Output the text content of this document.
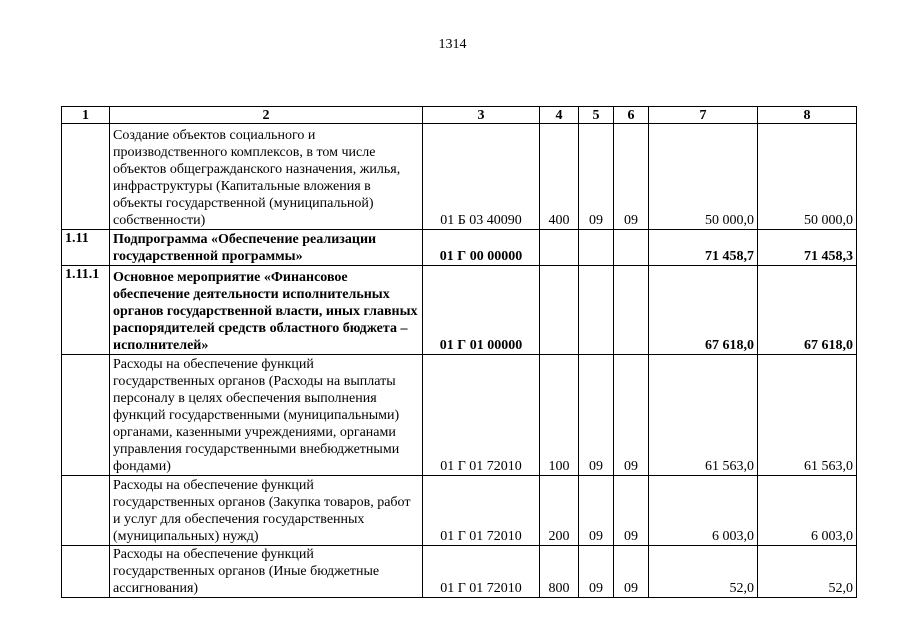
1314
1	2	3	4	5	6	7	8
	Создание объектов социального и производственного комплексов, в том числе объектов общегражданского назначения, жилья, инфраструктуры (Капитальные вложения в объекты государственной (муниципальной) собственности)	01 Б 03 40090	400	09	09	50 000,0	50 000,0
1.11	Подпрограмма «Обеспечение реализации государственной программы»	01 Г 00 00000				71 458,7	71 458,3
1.11.1	Основное мероприятие «Финансовое обеспечение деятельности исполнительных органов государственной власти, иных главных распорядителей средств областного бюджета – исполнителей»	01 Г 01 00000				67 618,0	67 618,0
	Расходы на обеспечение функций государственных органов (Расходы на выплаты персоналу в целях обеспечения выполнения функций государственными (муниципальными) органами, казенными учреждениями, органами управления государственными внебюджетными фондами)	01 Г 01 72010	100	09	09	61 563,0	61 563,0
	Расходы на обеспечение функций государственных органов (Закупка товаров, работ и услуг для обеспечения государственных (муниципальных) нужд)	01 Г 01 72010	200	09	09	6 003,0	6 003,0
	Расходы на обеспечение функций государственных органов (Иные бюджетные ассигнования)	01 Г 01 72010	800	09	09	52,0	52,0
